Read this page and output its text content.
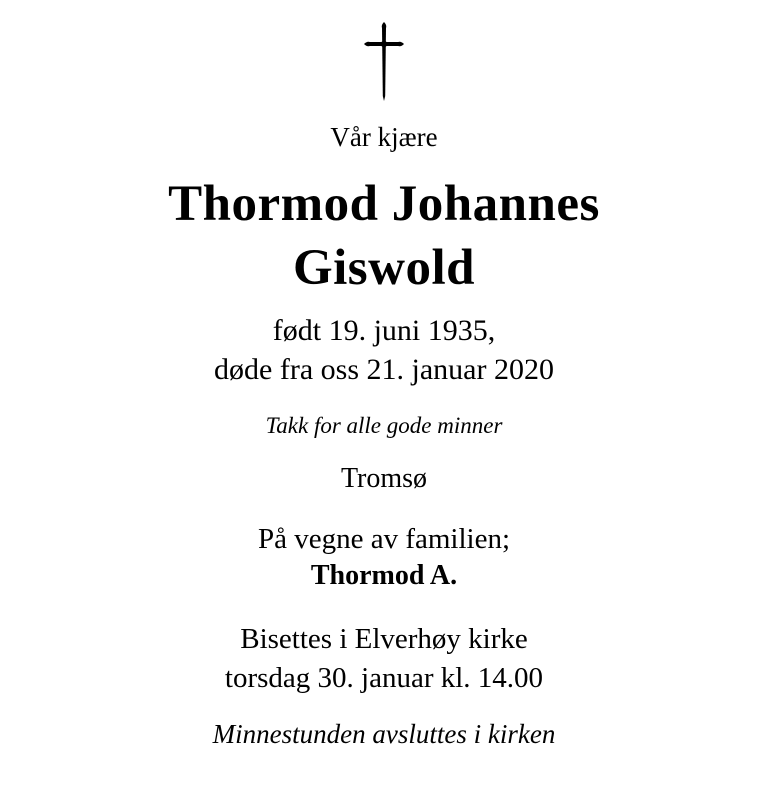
Vår kjære
Thormod Johannes
Giswold
født 19. juni 1935,
døde fra oss 21. januar 2020
Takk for alle gode minner
Tromsø
På vegne av familien;
Thormod A.
Bisettes i Elverhøy kirke
torsdag 30. januar kl. 14.00
Minnestunden avsluttes i kirken
